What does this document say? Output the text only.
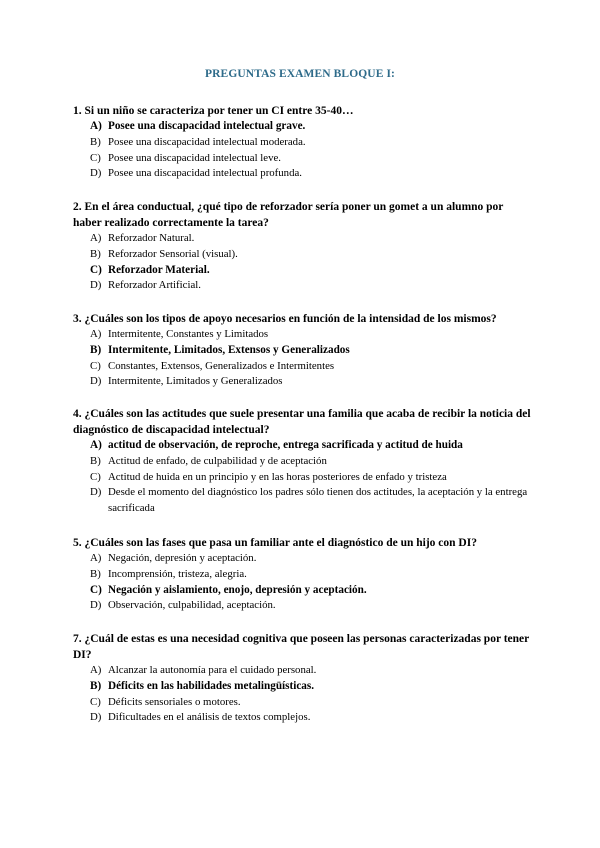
PREGUNTAS EXAMEN BLOQUE I:

1. Si un niño se caracteriza por tener un CI entre 35-40…

A) Posee una discapacidad intelectual grave.
B) Posee una discapacidad intelectual moderada.
C) Posee una discapacidad intelectual leve.
D) Posee una discapacidad intelectual profunda.

2. En el área conductual, ¿qué tipo de reforzador sería poner un gomet a un alumno por haber realizado correctamente la tarea?

A) Reforzador Natural.
B) Reforzador Sensorial (visual).
C) Reforzador Material.
D) Reforzador Artificial.

3. ¿Cuáles son los tipos de apoyo necesarios en función de la intensidad de los mismos?

A) Intermitente, Constantes y Limitados
B) Intermitente, Limitados, Extensos y Generalizados
C) Constantes, Extensos, Generalizados e Intermitentes
D) Intermitente, Limitados y Generalizados

4. ¿Cuáles son las actitudes que suele presentar una familia que acaba de recibir la noticia del diagnóstico de discapacidad intelectual?

A) actitud de observación, de reproche, entrega sacrificada y actitud de huida
B) Actitud de enfado, de culpabilidad y de aceptación
C) Actitud de huida en un principio y en las horas posteriores de enfado y tristeza
D) Desde el momento del diagnóstico los padres sólo tienen dos actitudes, la aceptación y la entrega sacrificada

5. ¿Cuáles son las fases que pasa un familiar ante el diagnóstico de un hijo con DI?

A) Negación, depresión y aceptación.
B) Incomprensión, tristeza, alegria.
C) Negación y aislamiento, enojo, depresión y aceptación.
D) Observación, culpabilidad, aceptación.

7. ¿Cuál de estas es una necesidad cognitiva que poseen las personas caracterizadas por tener DI?

A) Alcanzar la autonomía para el cuidado personal.
B) Déficits en las habilidades metalingüísticas.
C) Déficits sensoriales o motores.
D) Dificultades en el análisis de textos complejos.
